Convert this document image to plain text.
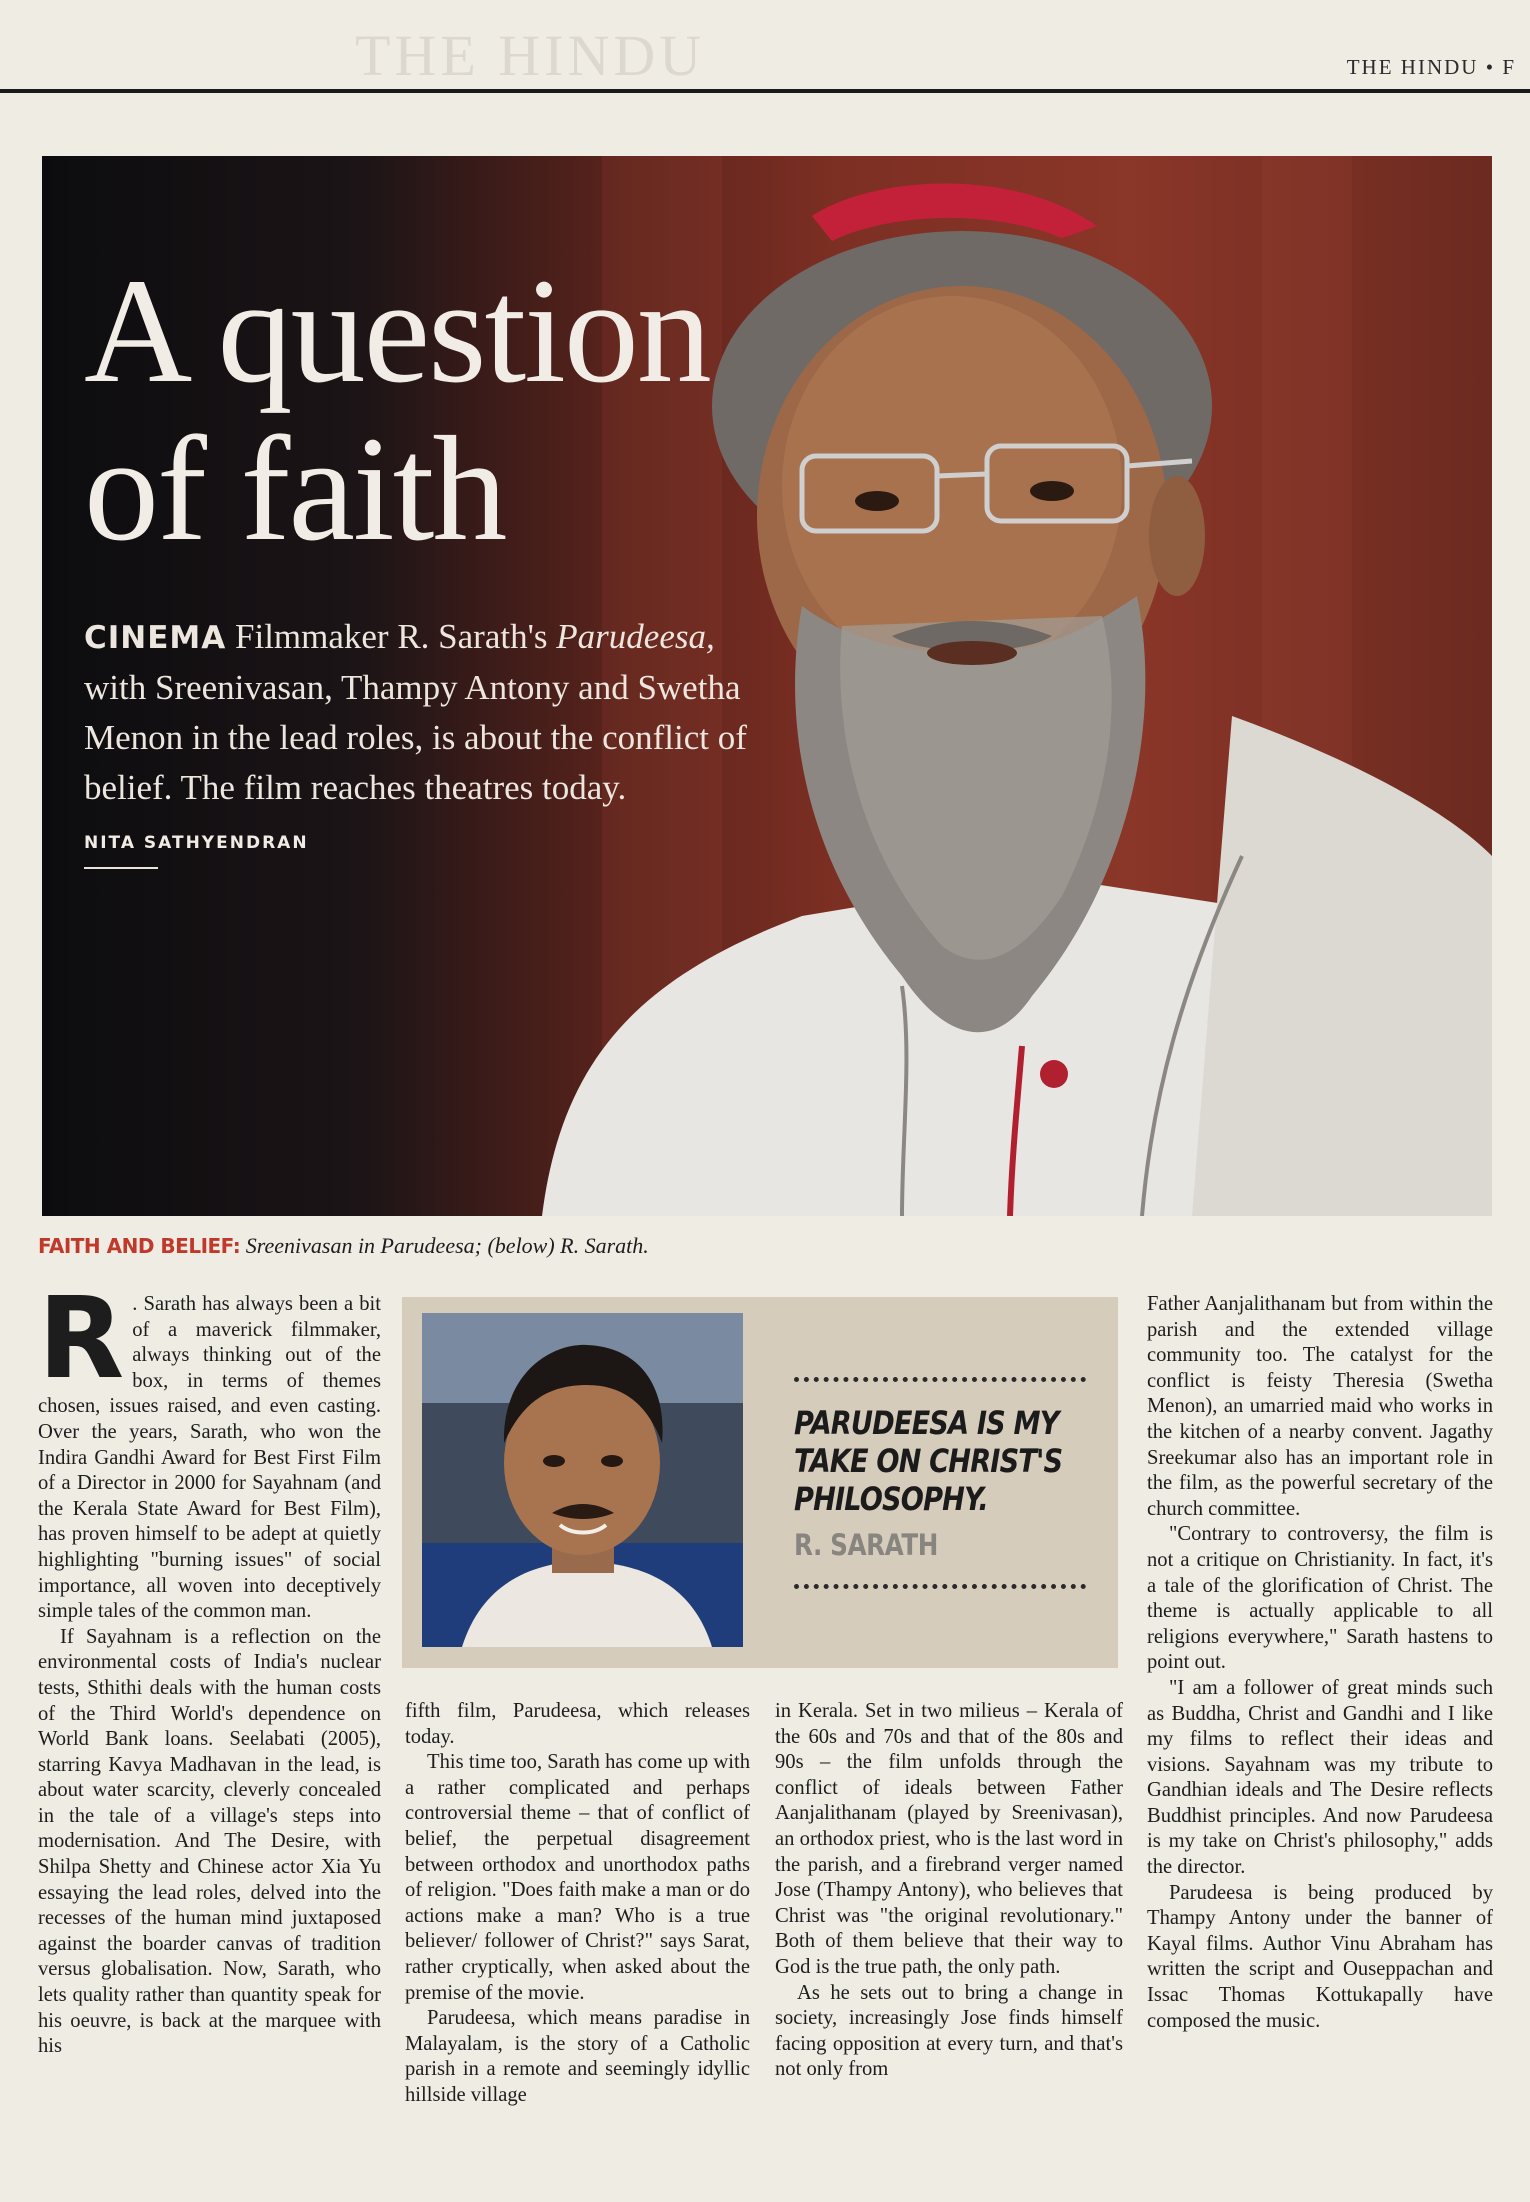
THE HINDU	THE HINDU • F
A question
of faith
CINEMA Filmmaker R. Sarath's Parudeesa, with Sreenivasan, Thampy Antony and Swetha Menon in the lead roles, is about the conflict of belief. The film reaches theatres today.
NITA SATHYENDRAN
FAITH AND BELIEF: Sreenivasan in Parudeesa; (below) R. Sarath.

R . Sarath has always been a bit of a maverick filmmaker, always thinking out of the box, in terms of themes chosen, issues raised, and even casting. Over the years, Sarath, who won the Indira Gandhi Award for Best First Film of a Director in 2000 for Sayahnam (and the Kerala State Award for Best Film), has proven himself to be adept at quietly highlighting "burning issues" of social importance, all woven into deceptively simple tales of the common man.

If Sayahnam is a reflection on the environmental costs of India's nuclear tests, Sthithi deals with the human costs of the Third World's dependence on World Bank loans. Seelabati (2005), starring Kavya Madhavan in the lead, is about water scarcity, cleverly concealed in the tale of a village's steps into modernisation. And The Desire, with Shilpa Shetty and Chinese actor Xia Yu essaying the lead roles, delved into the recesses of the human mind juxtaposed against the boarder canvas of tradition versus globalisation. Now, Sarath, who lets quality rather than quantity speak for his oeuvre, is back at the marquee with his

PARUDEESA IS MY
TAKE ON CHRIST'S
PHILOSOPHY.
R. SARATH

fifth film, Parudeesa, which releases today.

This time too, Sarath has come up with a rather complicated and perhaps controversial theme – that of conflict of belief, the perpetual disagreement between orthodox and unorthodox paths of religion. "Does faith make a man or do actions make a man? Who is a true believer/ follower of Christ?" says Sarat, rather cryptically, when asked about the premise of the movie.

Parudeesa, which means paradise in Malayalam, is the story of a Catholic parish in a remote and seemingly idyllic hillside village

in Kerala. Set in two milieus – Kerala of the 60s and 70s and that of the 80s and 90s – the film unfolds through the conflict of ideals between Father Aanjalithanam (played by Sreenivasan), an orthodox priest, who is the last word in the parish, and a firebrand verger named Jose (Thampy Antony), who believes that Christ was "the original revolutionary." Both of them believe that their way to God is the true path, the only path.

As he sets out to bring a change in society, increasingly Jose finds himself facing opposition at every turn, and that's not only from

Father Aanjalithanam but from within the parish and the extended village community too. The catalyst for the conflict is feisty Theresia (Swetha Menon), an umarried maid who works in the kitchen of a nearby convent. Jagathy Sreekumar also has an important role in the film, as the powerful secretary of the church committee.

"Contrary to controversy, the film is not a critique on Christianity. In fact, it's a tale of the glorification of Christ. The theme is actually applicable to all religions everywhere," Sarath hastens to point out.

"I am a follower of great minds such as Buddha, Christ and Gandhi and I like my films to reflect their ideas and visions. Sayahnam was my tribute to Gandhian ideals and The Desire reflects Buddhist principles. And now Parudeesa is my take on Christ's philosophy," adds the director.

Parudeesa is being produced by Thampy Antony under the banner of Kayal films. Author Vinu Abraham has written the script and Ouseppachan and Issac Thomas Kottukapally have composed the music.
